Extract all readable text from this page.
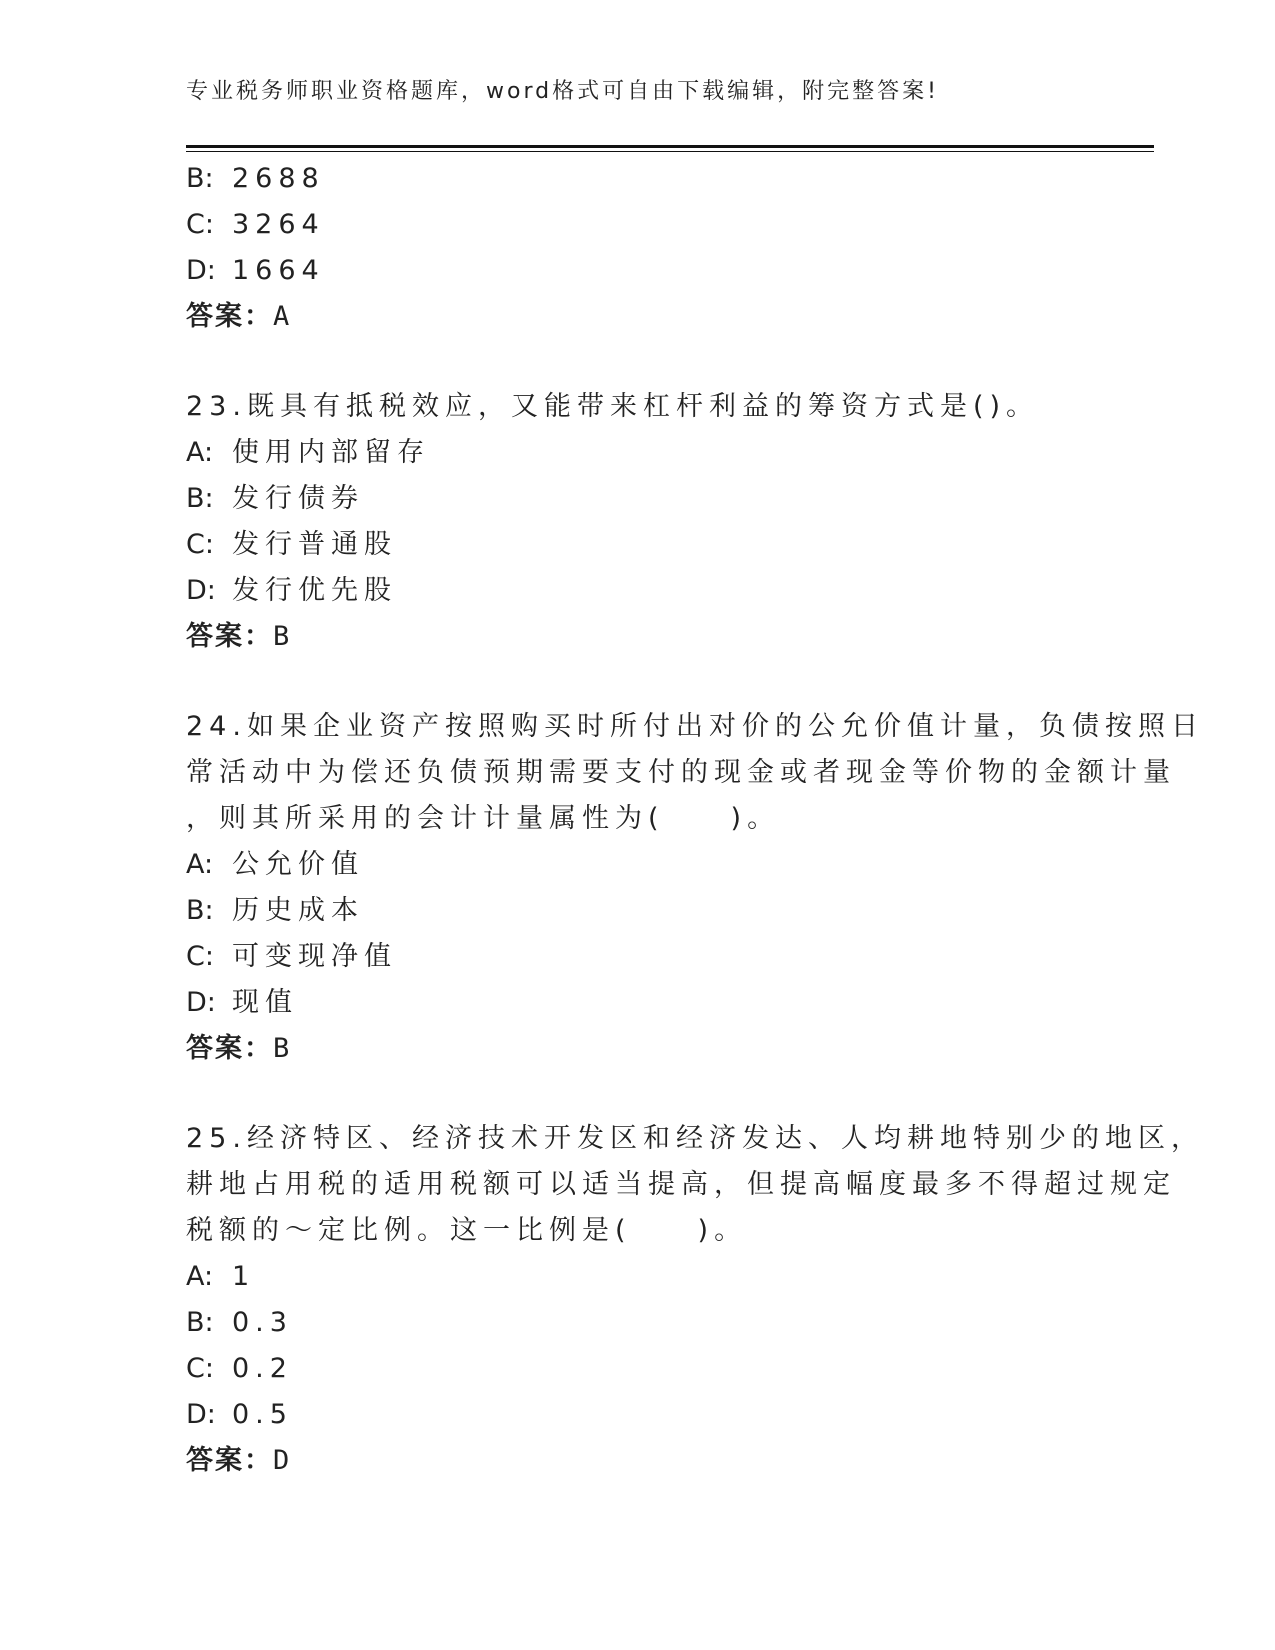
专业税务师职业资格题库，word格式可自由下载编辑，附完整答案!
B: 2688
C: 3264
D: 1664
答案：A
23.既具有抵税效应，又能带来杠杆利益的筹资方式是()。
A: 使用内部留存
B: 发行债券
C: 发行普通股
D: 发行优先股
答案：B
24.如果企业资产按照购买时所付出对价的公允价值计量，负债按照日
常活动中为偿还负债预期需要支付的现金或者现金等价物的金额计量
，则其所采用的会计计量属性为(　　)。
A: 公允价值
B: 历史成本
C: 可变现净值
D: 现值
答案：B
25.经济特区、经济技术开发区和经济发达、人均耕地特别少的地区，
耕地占用税的适用税额可以适当提高，但提高幅度最多不得超过规定
税额的～定比例。这一比例是(　　)。
A: 1
B: 0.3
C: 0.2
D: 0.5
答案：D
